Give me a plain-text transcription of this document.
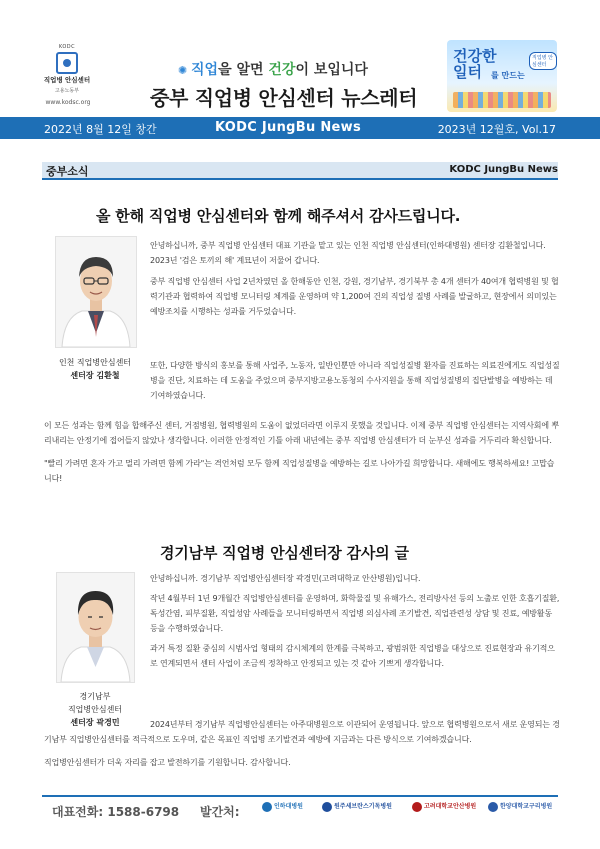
KODC
직업병 안심센터
고용노동부
www.kodsc.org
✺ 직업을 알면 건강이 보입니다
중부 직업병 안심센터 뉴스레터
건강한
일터	를 만드는
직업병 안심센터
2022년 8월 12일 창간	KODC JungBu News	2023년 12월호, Vol.17
중부소식	KODC JungBu News
올 한해 직업병 안심센터와 함께 해주셔서 감사드립니다.
인천 직업병안심센터
센터장 김환철

안녕하십니까, 중부 직업병 안심센터 대표 기관을 맡고 있는 인천 직업병 안심센터(인하대병원) 센터장 김환철입니다. 2023년 '검은 토끼의 해' 계묘년이 저물어 갑니다.

중부 직업병 안심센터 사업 2년차였던 올 한해동안 인천, 강원, 경기남부, 경기북부 총 4개 센터가 40여개 협력병원 및 협력기관과 협력하여 직업병 모니터링 체계를 운영하며 약 1,200여 건의 직업성 질병 사례를 발굴하고, 현장에서 의미있는 예방조치를 시행하는 성과를 거두었습니다.

또한, 다양한 방식의 홍보를 통해 사업주, 노동자, 일반인뿐만 아니라 직업성질병 환자를 진료하는 의료진에게도 직업성질병을 진단, 치료하는 데 도움을 주었으며 중부지방고용노동청의 수사지원을 통해 직업성질병의 집단발병을 예방하는 데 기여하였습니다.

이 모든 성과는 함께 힘을 합해주신 센터, 거점병원, 협력병원의 도움이 없었더라면 이루지 못했을 것입니다. 이제 중부 직업병 안심센터는 지역사회에 뿌리내리는 안정기에 접어들지 않았나 생각합니다. 이러한 안정적인 기틀 아래 내년에는 중부 직업병 안심센터가 더 눈부신 성과를 거두리라 확신합니다.

"빨리 가려면 혼자 가고 멀리 가려면 함께 가라"는 격언처럼 모두 함께 직업성질병을 예방하는 길로 나아가길 희망합니다. 새해에도 행복하세요! 고맙습니다!

경기남부 직업병 안심센터장 감사의 글
경기남부
직업병안심센터
센터장 곽경민

안녕하십니까. 경기남부 직업병안심센터장 곽경민(고려대학교 안산병원)입니다.

작년 4월부터 1년 9개월간 직업병안심센터를 운영하며, 화학물질 및 유해가스, 전리방사선 등의 노출로 인한 호흡기질환, 독성간염, 피부질환, 직업성암 사례들을 모니터링하면서 직업병 의심사례 조기발견, 직업관련성 상담 및 진료, 예방활동 등을 수행하였습니다.

과거 특정 질환 중심의 시범사업 형태의 감시체계의 한계를 극복하고, 광범위한 직업병을 대상으로 진료현장과 유기적으로 연계되면서 센터 사업이 조금씩 정착하고 안정되고 있는 것 같아 기쁘게 생각합니다.

2024년부터 경기남부 직업병안심센터는 아주대병원으로 이관되어 운영됩니다. 앞으로 협력병원으로서 새로 운영되는 경기남부 직업병안심센터를 적극적으로 도우며, 같은 목표인 직업병 조기발견과 예방에 지금과는 다른 방식으로 기여하겠습니다.

직업병안심센터가 더욱 자리를 잡고 발전하기를 기원합니다. 감사합니다.

대표전화: 1588-6798 발간처:	인하대병원	원주세브란스기독병원	고려대학교안산병원	한양대학교구리병원
